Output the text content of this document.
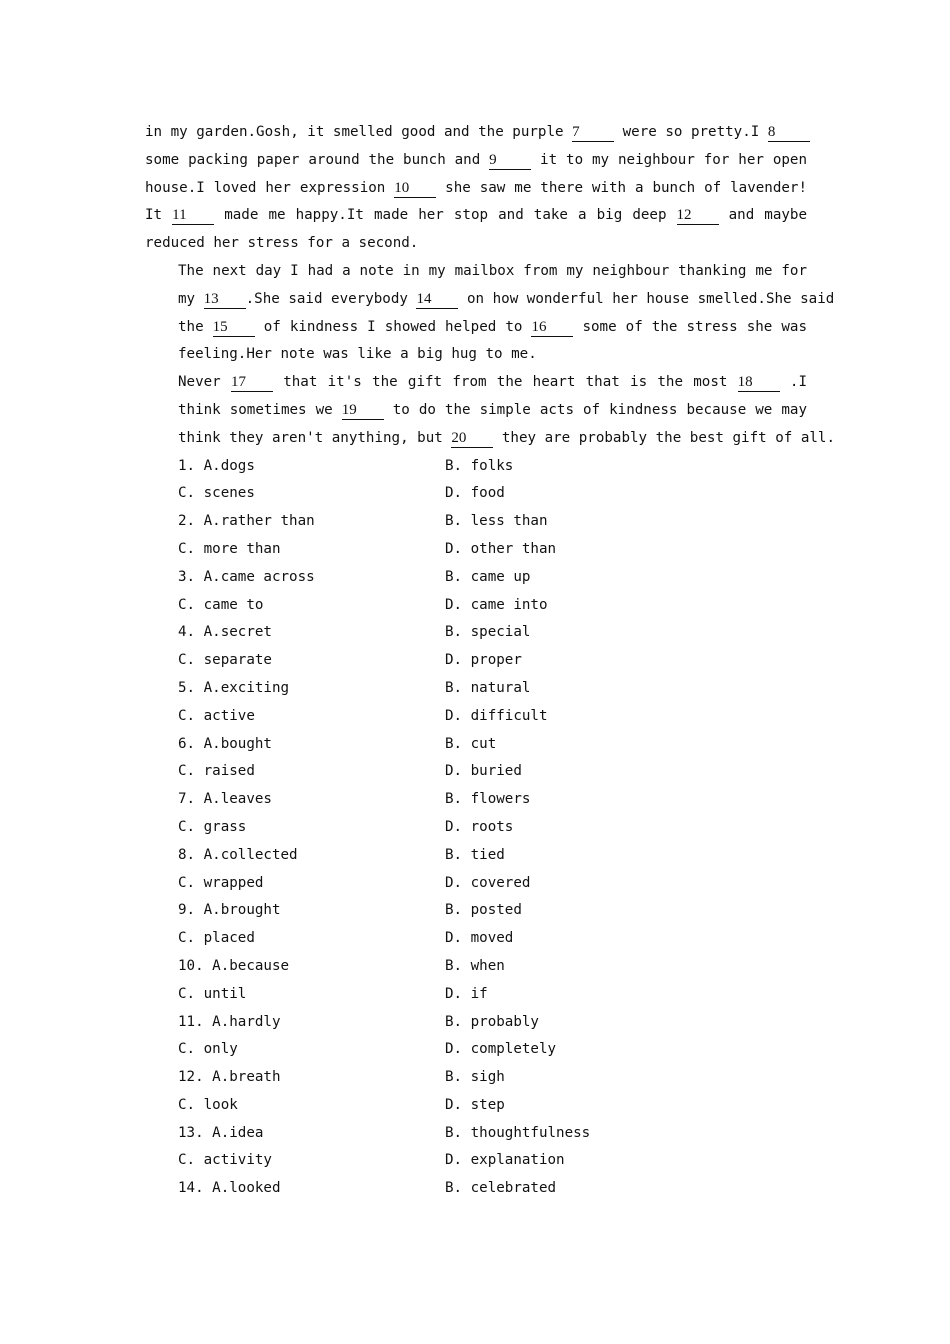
in my garden.Gosh, it smelled good and the purple 7 were so pretty.I 8
some packing paper around the bunch and 9 it to my neighbour for her open
house.I loved her expression 10 she saw me there with a bunch of lavender!
It 11 made me happy.It made her stop and take a big deep 12 and maybe
reduced her stress for a second.
The next day I had a note in my mailbox from my neighbour thanking me for
my 13 .She said everybody 14 on how wonderful her house smelled.She said
the 15 of kindness I showed helped to 16 some of the stress she was
feeling.Her note was like a big hug to me.
Never 17 that it's the gift from the heart that is the most 18 .I
think sometimes we 19 to do the simple acts of kindness because we may
think they aren't anything, but 20 they are probably the best gift of all.
1. A.dogs	B. folks
C. scenes	D. food
2. A.rather than	B. less than
C. more than	D. other than
3. A.came across	B. came up
C. came to	D. came into
4. A.secret	B. special
C. separate	D. proper
5. A.exciting	B. natural
C. active	D. difficult
6. A.bought	B. cut
C. raised	D. buried
7. A.leaves	B. flowers
C. grass	D. roots
8. A.collected	B. tied
C. wrapped	D. covered
9. A.brought	B. posted
C. placed	D. moved
10. A.because	B. when
C. until	D. if
11. A.hardly	B. probably
C. only	D. completely
12. A.breath	B. sigh
C. look	D. step
13. A.idea	B. thoughtfulness
C. activity	D. explanation
14. A.looked	B. celebrated
